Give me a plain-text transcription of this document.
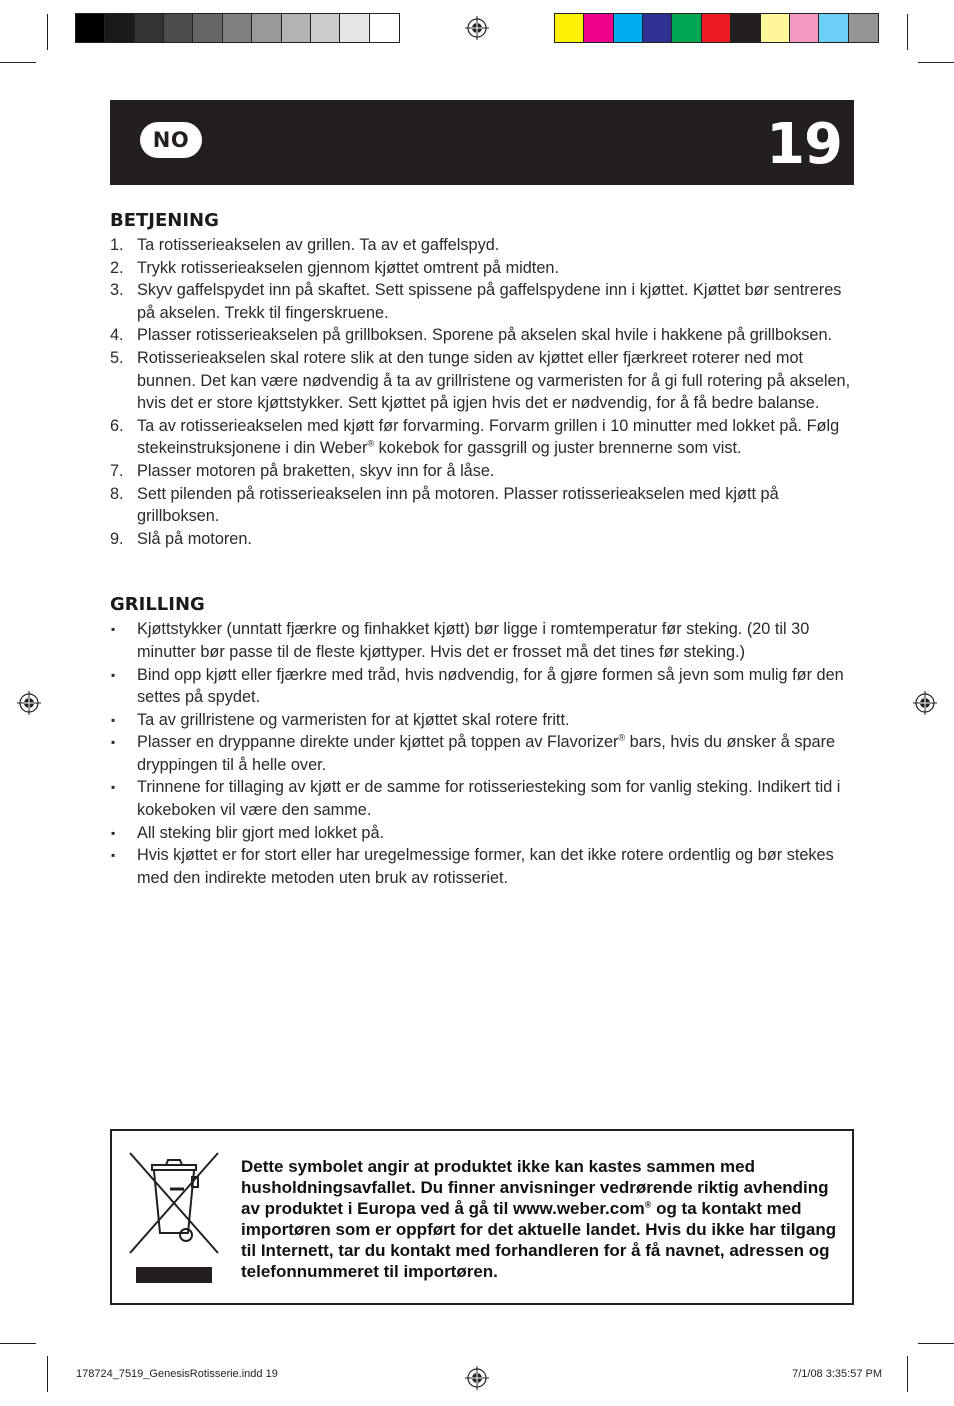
NO	19
BETJENING
1. Ta rotisserieakselen av grillen. Ta av et gaffelspyd.
2. Trykk rotisserieakselen gjennom kjøttet omtrent på midten.
3. Skyv gaffelspydet inn på skaftet. Sett spissene på gaffelspydene inn i kjøttet. Kjøttet bør sentreres på akselen. Trekk til fingerskruene.
4. Plasser rotisserieakselen på grillboksen. Sporene på akselen skal hvile i hakkene på grillboksen.
5. Rotisserieakselen skal rotere slik at den tunge siden av kjøttet eller fjærkreet roterer ned mot bunnen. Det kan være nødvendig å ta av grillristene og varmeristen for å gi full rotering på akselen, hvis det er store kjøttstykker. Sett kjøttet på igjen hvis det er nødvendig, for å få bedre balanse.
6. Ta av rotisserieakselen med kjøtt før forvarming. Forvarm grillen i 10 minutter med lokket på. Følg stekeinstruksjonene i din Weber® kokebok for gassgrill og juster brennerne som vist.
7. Plasser motoren på braketten, skyv inn for å låse.
8. Sett pilenden på rotisserieakselen inn på motoren. Plasser rotisserieakselen med kjøtt på grillboksen.
9. Slå på motoren.
GRILLING
▪ Kjøttstykker (unntatt fjærkre og finhakket kjøtt) bør ligge i romtemperatur før steking. (20 til 30 minutter bør passe til de fleste kjøttyper. Hvis det er frosset må det tines før steking.)
▪ Bind opp kjøtt eller fjærkre med tråd, hvis nødvendig, for å gjøre formen så jevn som mulig før den settes på spydet.
▪ Ta av grillristene og varmeristen for at kjøttet skal rotere fritt.
▪ Plasser en dryppanne direkte under kjøttet på toppen av Flavorizer® bars, hvis du ønsker å spare dryppingen til å helle over.
▪ Trinnene for tillaging av kjøtt er de samme for rotisseriesteking som for vanlig steking. Indikert tid i kokeboken vil være den samme.
▪ All steking blir gjort med lokket på.
▪ Hvis kjøttet er for stort eller har uregelmessige former, kan det ikke rotere ordentlig og bør stekes med den indirekte metoden uten bruk av rotisseriet.
Dette symbolet angir at produktet ikke kan kastes sammen med husholdningsavfallet. Du finner anvisninger vedrørende riktig avhending av produktet i Europa ved å gå til www.weber.com® og ta kontakt med importøren som er oppført for det aktuelle landet. Hvis du ikke har tilgang til Internett, tar du kontakt med forhandleren for å få navnet, adressen og telefonnummeret til importøren.
178724_7519_GenesisRotisserie.indd 19	7/1/08 3:35:57 PM
